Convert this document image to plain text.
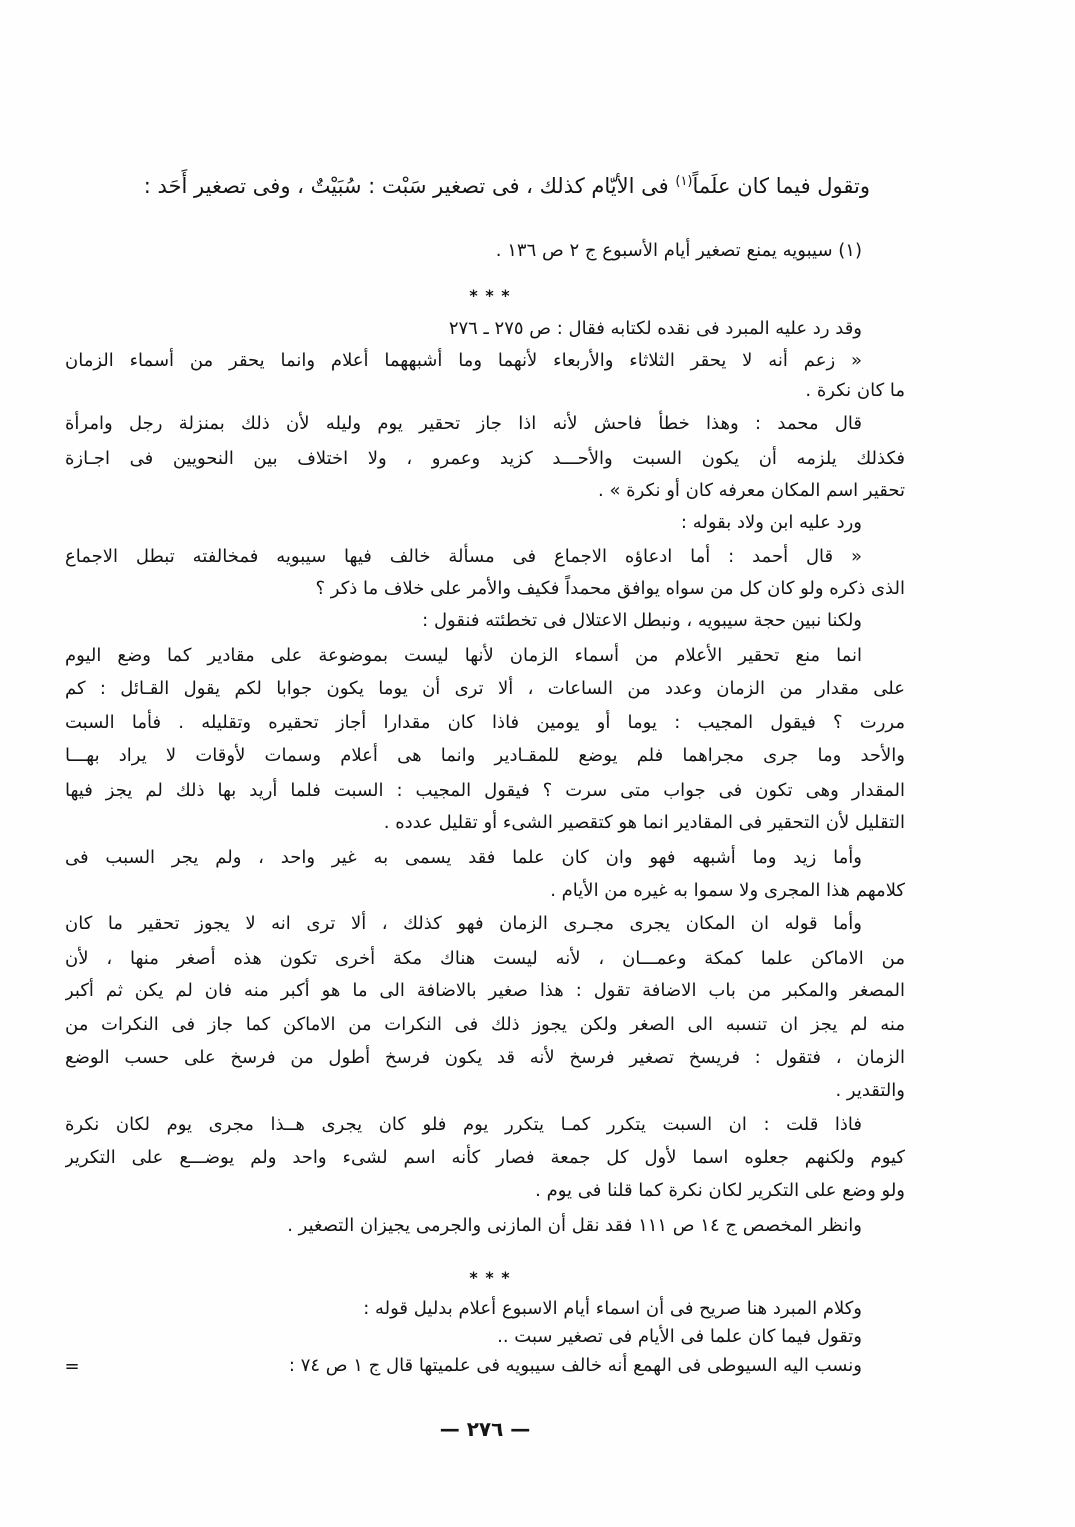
وتقول فيما كان علَماً$^{(١)}$ فى الأيّام كذلك ، فى تصغير سَبْت : سُبَيْتٌ ، وفى تصغير أَحَد :
(١) سيبويه يمنع تصغير أيام الأسبوع ج ٢ ص ١٣٦ .
* * *
وقد رد عليه المبرد فى نقده لكتابه فقال : ص ٢٧٥ ـ ٢٧٦
« زعم أنه لا يحقر الثلاثاء والأربعاء لأنهما وما أشبههما أعلام وانما يحقر من أسماء الزمان
ما كان نكرة .
قال محمد : وهذا خطأ فاحش لأنه اذا جاز تحقير يوم وليله لأن ذلك بمنزلة رجل وامرأة
فكذلك يلزمه أن يكون السبت والأحـــد كزيد وعمرو ، ولا اختلاف بين النحويين فى اجـازة
تحقير اسم المكان معرفه كان أو نكرة » .
ورد عليه ابن ولاد بقوله :
« قال أحمد : أما ادعاؤه الاجماع فى مسألة خالف فيها سيبويه فمخالفته تبطل الاجماع
الذى ذكره ولو كان كل من سواه يوافق محمداً فكيف والأمر على خلاف ما ذكر ؟
ولكنا نبين حجة سيبويه ، ونبطل الاعتلال فى تخطئته فنقول :
انما منع تحقير الأعلام من أسماء الزمان لأنها ليست بموضوعة على مقادير كما وضع اليوم
على مقدار من الزمان وعدد من الساعات ، ألا ترى أن يوما يكون جوابا لكم يقول القـائل : كم
مررت ؟ فيقول المجيب : يوما أو يومين فاذا كان مقدارا أجاز تحقيره وتقليله . فأما السبت
والأحد وما جرى مجراهما فلم يوضع للمقـادير وانما هى أعلام وسمات لأوقات لا يراد بهـــا
المقدار وهى تكون فى جواب متى سرت ؟ فيقول المجيب : السبت فلما أريد بها ذلك لم يجز فيها
التقليل لأن التحقير فى المقادير انما هو كتقصير الشىء أو تقليل عدده .
وأما زيد وما أشبهه فهو وان كان علما فقد يسمى به غير واحد ، ولم يجر السبب فى
كلامهم هذا المجرى ولا سموا به غيره من الأيام .
وأما قوله ان المكان يجرى مجـرى الزمان فهو كذلك ، ألا ترى انه لا يجوز تحقير ما كان
من الاماكن علما كمكة وعمـــان ، لأنه ليست هناك مكة أخرى تكون هذه أصغر منها ، لأن
المصغر والمكبر من باب الاضافة تقول : هذا صغير بالاضافة الى ما هو أكبر منه فان لم يكن ثم أكبر
منه لم يجز ان تنسبه الى الصغر ولكن يجوز ذلك فى النكرات من الاماكن كما جاز فى النكرات من
الزمان ، فتقول : فريسخ تصغير فرسخ لأنه قد يكون فرسخ أطول من فرسخ على حسب الوضع
والتقدير .
فاذا قلت : ان السبت يتكرر كمـا يتكرر يوم فلو كان يجرى هــذا مجرى يوم لكان نكرة
كيوم ولكنهم جعلوه اسما لأول كل جمعة فصار كأنه اسم لشىء واحد ولم يوضـــع على التكرير
ولو وضع على التكرير لكان نكرة كما قلنا فى يوم .
وانظر المخصص ج ١٤ ص ١١١ فقد نقل أن المازنى والجرمى يجيزان التصغير .
* * *
وكلام المبرد هنا صريح فى أن اسماء أيام الاسبوع أعلام بدليل قوله :
وتقول فيما كان علما فى الأيام فى تصغير سبت ..
ونسب اليه السيوطى فى الهمع أنه خالف سيبويه فى علميتها قال ج ١ ص ٧٤ :
=
— ٢٧٦ —
